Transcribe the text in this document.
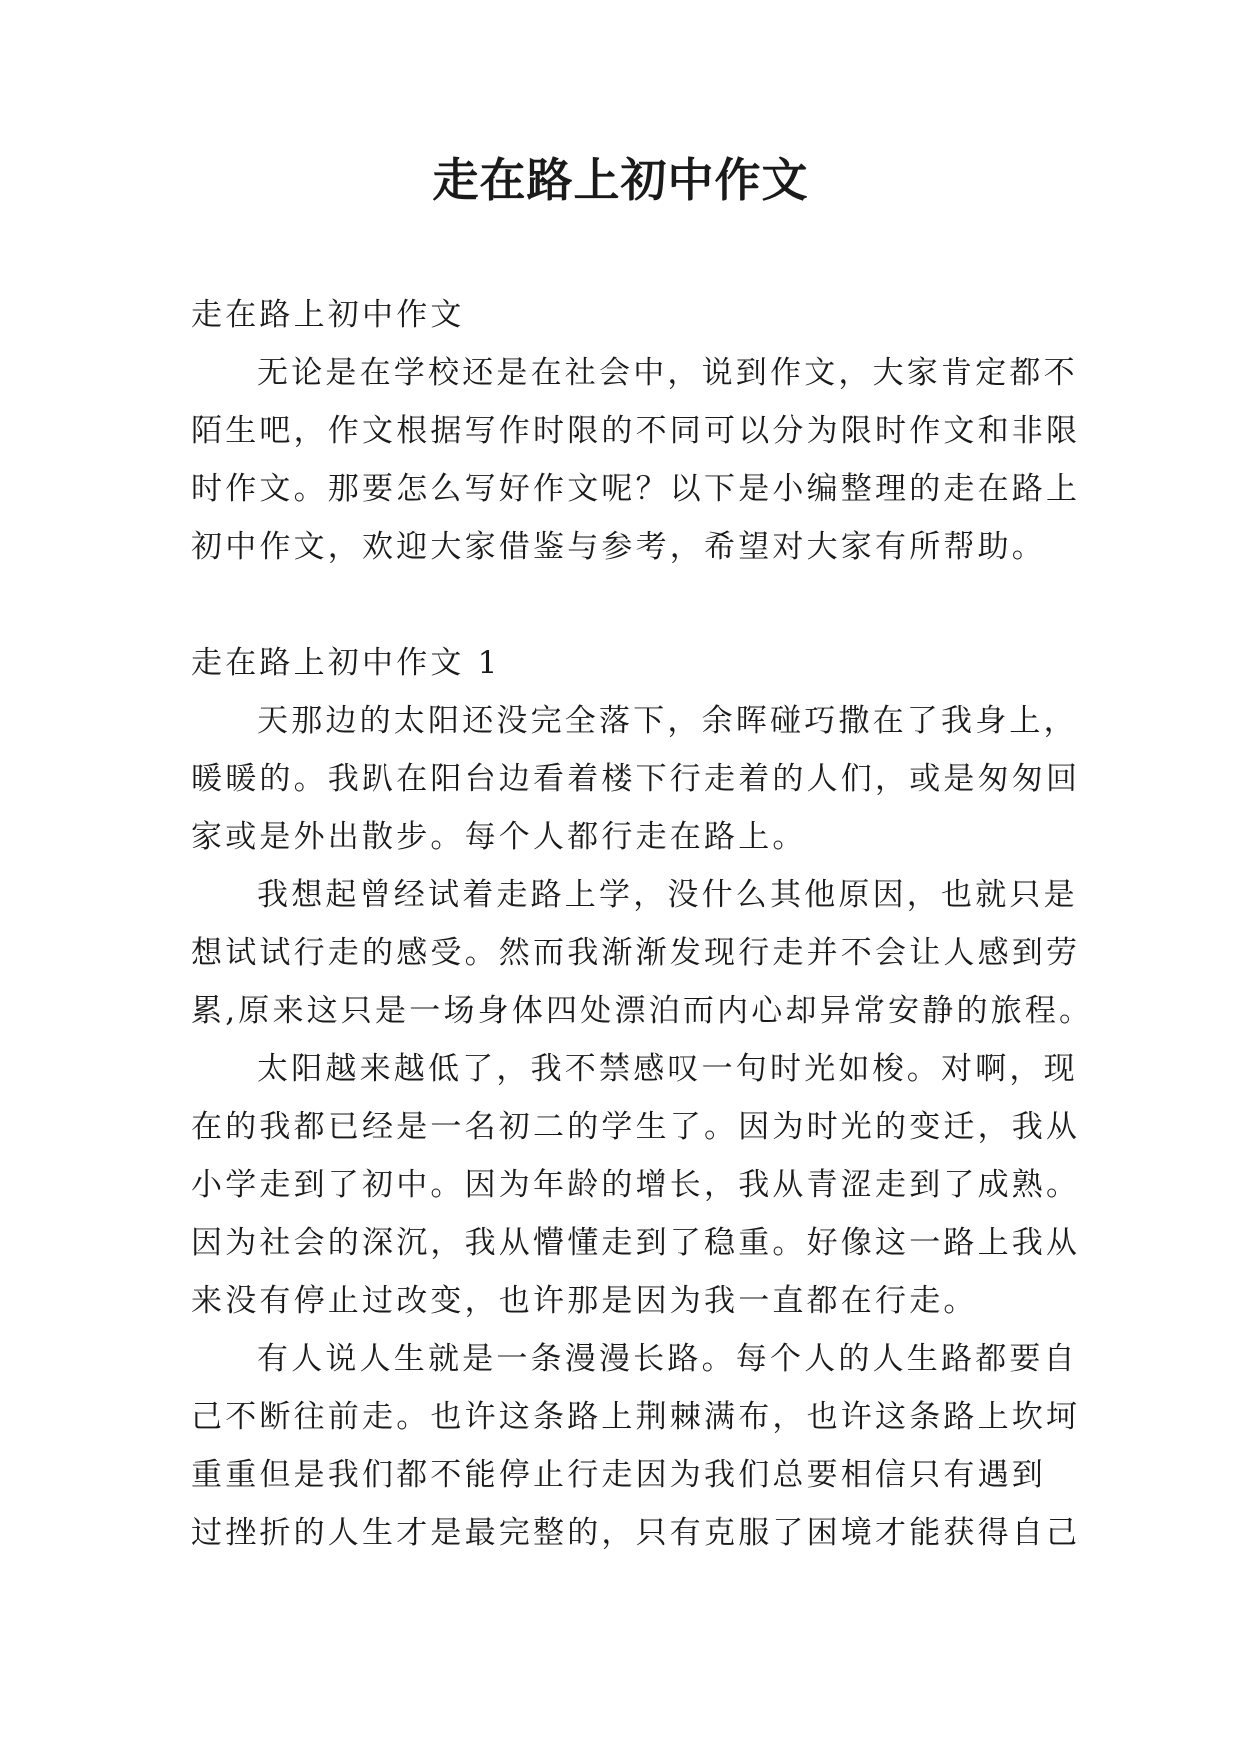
走在路上初中作文
走在路上初中作文
无论是在学校还是在社会中，说到作文，大家肯定都不
陌生吧，作文根据写作时限的不同可以分为限时作文和非限
时作文。那要怎么写好作文呢？以下是小编整理的走在路上
初中作文，欢迎大家借鉴与参考，希望对大家有所帮助。
走在路上初中作文 1
天那边的太阳还没完全落下，余晖碰巧撒在了我身上，
暖暖的。我趴在阳台边看着楼下行走着的人们，或是匆匆回
家或是外出散步。每个人都行走在路上。
我想起曾经试着走路上学，没什么其他原因，也就只是
想试试行走的感受。然而我渐渐发现行走并不会让人感到劳
累,原来这只是一场身体四处漂泊而内心却异常安静的旅程。
太阳越来越低了，我不禁感叹一句时光如梭。对啊，现
在的我都已经是一名初二的学生了。因为时光的变迁，我从
小学走到了初中。因为年龄的增长，我从青涩走到了成熟。
因为社会的深沉，我从懵懂走到了稳重。好像这一路上我从
来没有停止过改变，也许那是因为我一直都在行走。
有人说人生就是一条漫漫长路。每个人的人生路都要自
己不断往前走。也许这条路上荆棘满布，也许这条路上坎坷
重重但是我们都不能停止行走因为我们总要相信只有遇到
过挫折的人生才是最完整的，只有克服了困境才能获得自己
